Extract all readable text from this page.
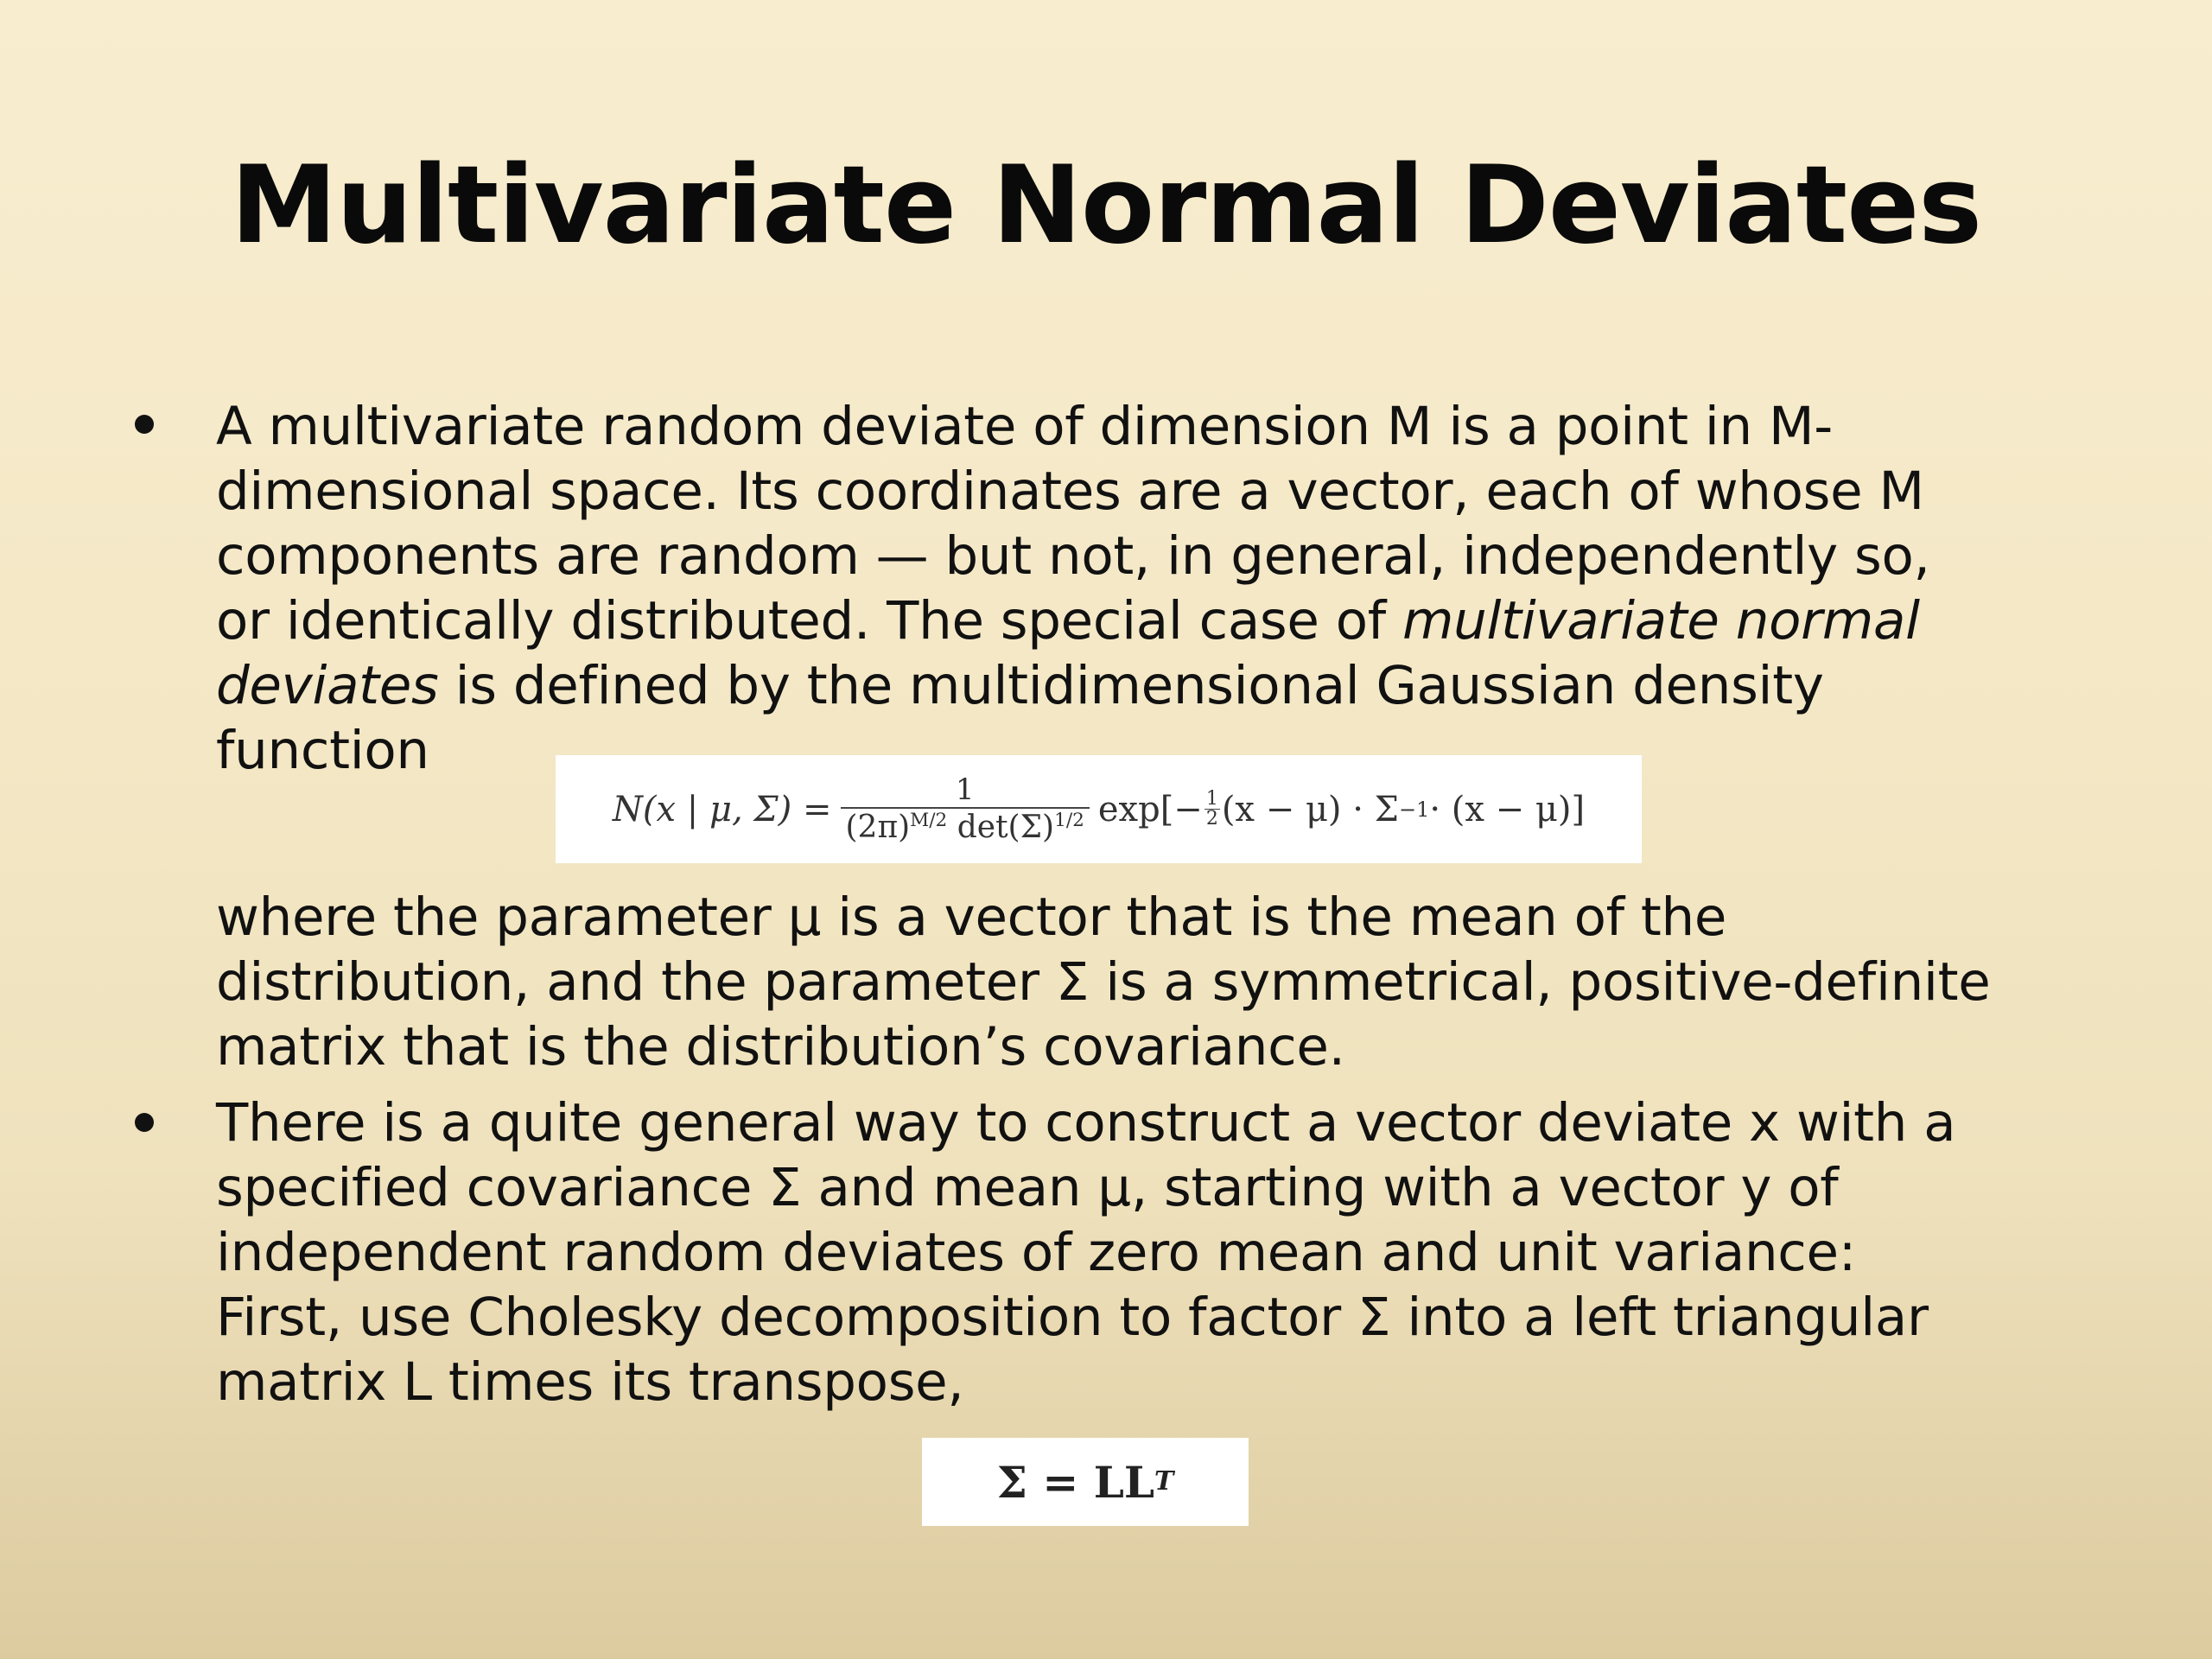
Multivariate Normal Deviates
A multivariate random deviate of dimension M is a point in M-
dimensional space. Its coordinates are a vector, each of whose M
components are random — but not, in general, independently so,
or identically distributed. The special case of multivariate normal
deviates is defined by the multidimensional Gaussian density
function
N(x | μ, $\Sigma) = \frac{1}{(2\pi)^{M/2} \det(\Sigma)^{1/2}} \exp[- \frac{1}{2} (x - \mu) \cdot \Sigma -1 \cdot (x - \mu)]$
where the parameter μ is a vector that is the mean of the
distribution, and the parameter Σ is a symmetrical, positive-definite
matrix that is the distribution’s covariance.
There is a quite general way to construct a vector deviate x with a
specified covariance Σ and mean μ, starting with a vector y of
independent random deviates of zero mean and unit variance:
First, use Cholesky decomposition to factor Σ into a left triangular
matrix L times its transpose,
Σ = LL T
